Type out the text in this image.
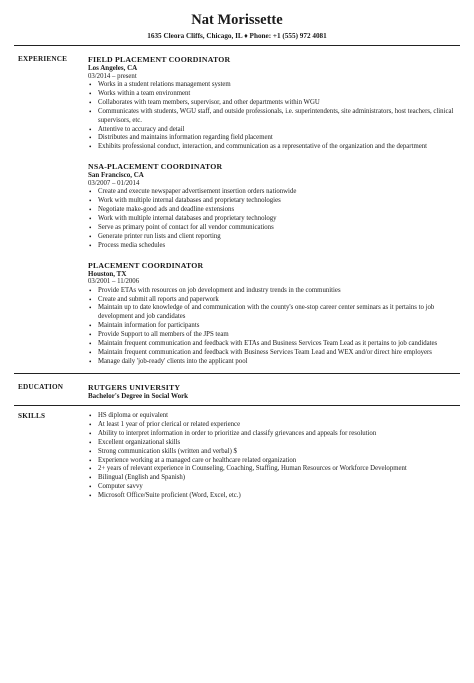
Nat Morissette
1635 Cleora Cliffs, Chicago, IL ♦ Phone: +1 (555) 972 4081
EXPERIENCE	FIELD PLACEMENT COORDINATOR
Los Angeles, CA
03/2014 – present
• Works in a student relations management system
• Works within a team environment
• Collaborates with team members, supervisor, and other departments within WGU
• Communicates with students, WGU staff, and outside professionals, i.e. superintendents, site administrators, host teachers, clinical supervisors, etc.
• Attentive to accuracy and detail
• Distributes and maintains information regarding field placement
• Exhibits professional conduct, interaction, and communication as a representative of the organization and the department
NSA-PLACEMENT COORDINATOR
San Francisco, CA
03/2007 – 01/2014
• Create and execute newspaper advertisement insertion orders nationwide
• Work with multiple internal databases and proprietary technologies
• Negotiate make-good ads and deadline extensions
• Work with multiple internal databases and proprietary technology
• Serve as primary point of contact for all vendor communications
• Generate printer run lists and client reporting
• Process media schedules
PLACEMENT COORDINATOR
Houston, TX
03/2001 – 11/2006
• Provide ETAs with resources on job development and industry trends in the communities
• Create and submit all reports and paperwork
• Maintain up to date knowledge of and communication with the county's one-stop career center seminars as it pertains to job development and job candidates
• Maintain information for participants
• Provide Support to all members of the JPS team
• Maintain frequent communication and feedback with ETAs and Business Services Team Lead as it pertains to job candidates
• Maintain frequent communication and feedback with Business Services Team Lead and WEX and/or direct hire employers
• Manage daily 'job-ready' clients into the applicant pool
EDUCATION	RUTGERS UNIVERSITY
Bachelor's Degree in Social Work
SKILLS
•	HS diploma or equivalent
• At least 1 year of prior clerical or related experience
• Ability to interpret information in order to prioritize and classify grievances and appeals for resolution
• Excellent organizational skills
• Strong communication skills (written and verbal) $
• Experience working at a managed care or healthcare related organization
• 2+ years of relevant experience in Counseling, Coaching, Staffing, Human Resources or Workforce Development
• Bilingual (English and Spanish)
• Computer savvy
• Microsoft Office/Suite proficient (Word, Excel, etc.)
